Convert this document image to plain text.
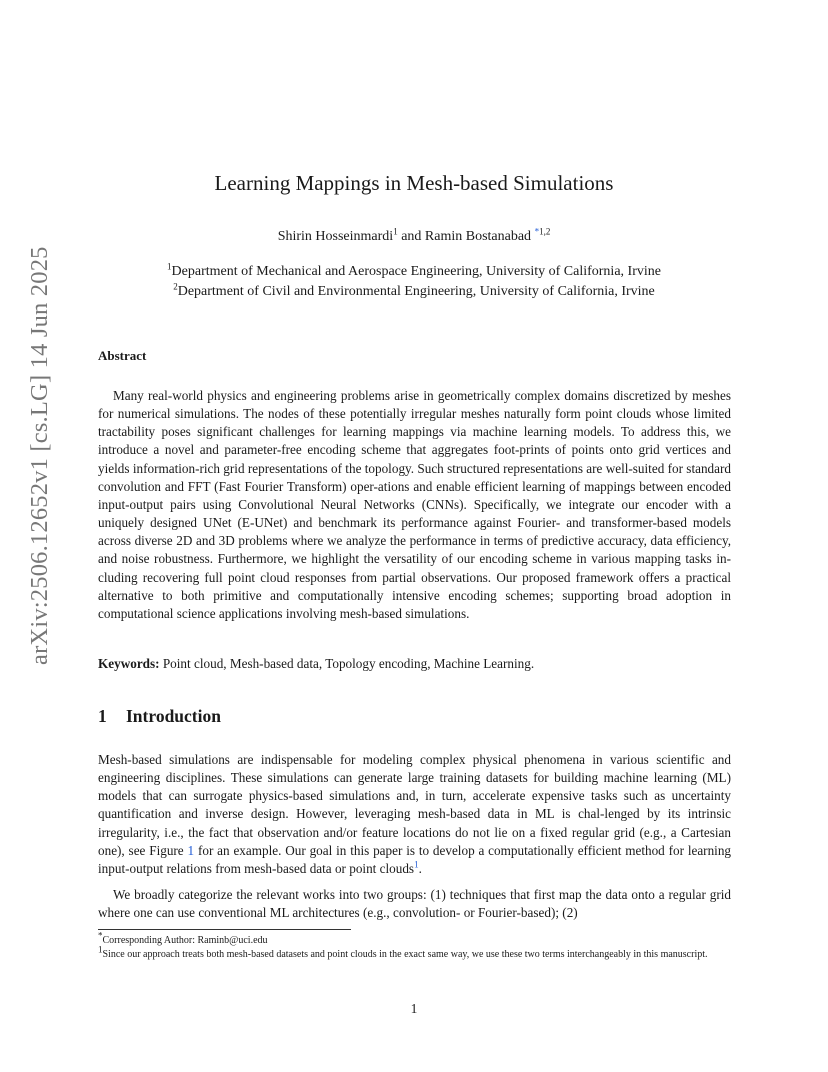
arXiv:2506.12652v1 [cs.LG] 14 Jun 2025
Learning Mappings in Mesh-based Simulations
Shirin Hosseinmardi$^1$ and Ramin Bostanabad $^{*1,2}$
$^1$Department of Mechanical and Aerospace Engineering, University of California, Irvine
$^2$Department of Civil and Environmental Engineering, University of California, Irvine
Abstract

Many real-world physics and engineering problems arise in geometrically complex domains discretized by meshes for numerical simulations. The nodes of these potentially irregular meshes naturally form point clouds whose limited tractability poses significant challenges for learning mappings via machine learning models. To address this, we introduce a novel and parameter-free encoding scheme that aggregates foot-prints of points onto grid vertices and yields information-rich grid representations of the topology. Such structured representations are well-suited for standard convolution and FFT (Fast Fourier Transform) oper-ations and enable efficient learning of mappings between encoded input-output pairs using Convolutional Neural Networks (CNNs). Specifically, we integrate our encoder with a uniquely designed UNet (E-UNet) and benchmark its performance against Fourier- and transformer-based models across diverse 2D and 3D problems where we analyze the performance in terms of predictive accuracy, data efficiency, and noise robustness. Furthermore, we highlight the versatility of our encoding scheme in various mapping tasks in-cluding recovering full point cloud responses from partial observations. Our proposed framework offers a practical alternative to both primitive and computationally intensive encoding schemes; supporting broad adoption in computational science applications involving mesh-based simulations.

Keywords: Point cloud, Mesh-based data, Topology encoding, Machine Learning.
1 Introduction

Mesh-based simulations are indispensable for modeling complex physical phenomena in various scientific and engineering disciplines. These simulations can generate large training datasets for building machine learning (ML) models that can surrogate physics-based simulations and, in turn, accelerate expensive tasks such as uncertainty quantification and inverse design. However, leveraging mesh-based data in ML is chal-lenged by its intrinsic irregularity, i.e., the fact that observation and/or feature locations do not lie on a fixed regular grid (e.g., a Cartesian one), see Figure 1 for an example. Our goal in this paper is to develop a computationally efficient method for learning input-output relations from mesh-based data or point clouds$^1$.

We broadly categorize the relevant works into two groups: (1) techniques that first map the data onto a regular grid where one can use conventional ML architectures (e.g., convolution- or Fourier-based); (2)

*Corresponding Author: Raminb@uci.edu
$^1$Since our approach treats both mesh-based datasets and point clouds in the exact same way, we use these two terms interchangeably in this manuscript.
1
